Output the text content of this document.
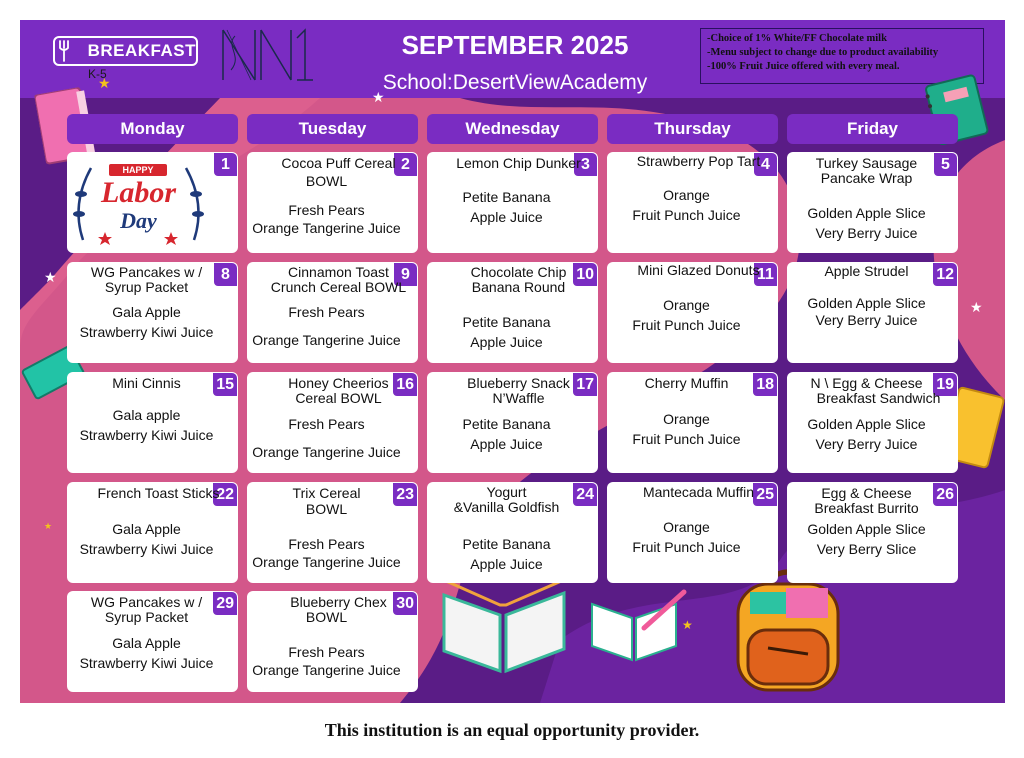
BREAKFAST
K-5
SEPTEMBER 2025
School:DesertViewAcademy
-Choice of 1% White/FF Chocolate milk
-Menu subject to change due to product availability
-100% Fruit Juice offered with every meal.
★
★
★
★
★
★
Monday	Tuesday	Wednesday	Thursday	Friday
1
HAPPY
Labor
Day
2
Cocoa Puff Cereal
BOWL
Fresh Pears
Orange Tangerine Juice
3
Lemon Chip Dunker
Petite Banana
Apple Juice
4
Strawberry Pop Tart
Orange
Fruit Punch Juice
5
Turkey Sausage
Pancake Wrap
Golden Apple Slice
Very Berry Juice
8
WG Pancakes w /
Syrup Packet
Gala Apple
Strawberry Kiwi Juice
9
Cinnamon Toast
Crunch Cereal BOWL
Fresh Pears
Orange Tangerine Juice
10
Chocolate Chip
Banana Round
Petite Banana
Apple Juice
11
Mini Glazed Donuts
Orange
Fruit Punch Juice
12
Apple Strudel
Golden Apple Slice
Very Berry Juice
15
Mini Cinnis
Gala apple
Strawberry Kiwi Juice
16
Honey Cheerios
Cereal BOWL
Fresh Pears
Orange Tangerine Juice
17
Blueberry Snack
N’Waffle
Petite Banana
Apple Juice
18
Cherry Muffin
Orange
Fruit Punch Juice
19
N \ Egg & Cheese
Breakfast Sandwich
Golden Apple Slice
Very Berry Juice
22
French Toast Sticks
Gala Apple
Strawberry Kiwi Juice
23
Trix Cereal
BOWL
Fresh Pears
Orange Tangerine Juice
24
Yogurt
&Vanilla Goldfish
Petite Banana
Apple Juice
25
Mantecada Muffin
Orange
Fruit Punch Juice
26
Egg & Cheese
Breakfast Burrito
Golden Apple Slice
Very Berry Slice
29
WG Pancakes w /
Syrup Packet
Gala Apple
Strawberry Kiwi Juice
30
Blueberry Chex
BOWL
Fresh Pears
Orange Tangerine Juice
This institution is an equal opportunity provider.
